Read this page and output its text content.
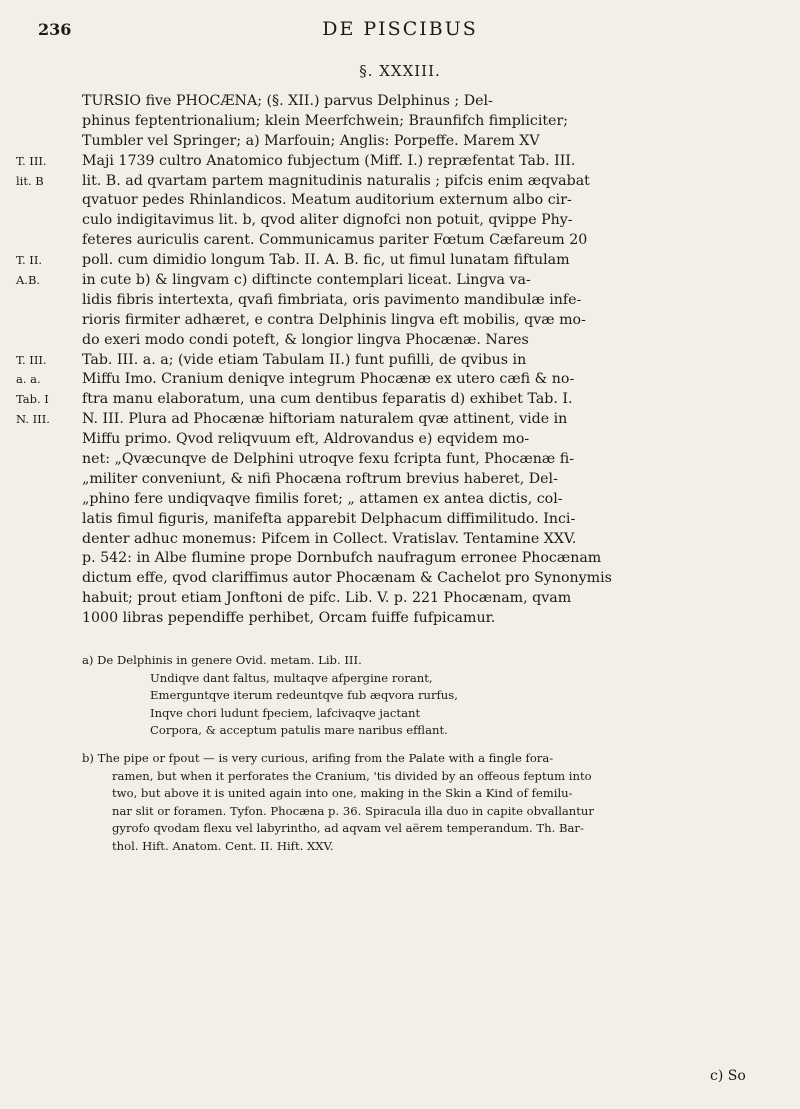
236	DE PISCIBUS
§. XXXIII.
TURSIO five PHOCÆNA; (§. XII.) parvus Delphinus ; Del-
phinus feptentrionalium; klein Meerfchwein; Braunfifch fimpliciter;
Tumbler vel Springer; a) Marfouin; Anglis: Porpeffe. Marem XV
T. III.	Maji 1739 cultro Anatomico fubjectum (Miff. I.) repræfentat Tab. III.
lit. B	lit. B. ad qvartam partem magnitudinis naturalis ; pifcis enim æqvabat
qvatuor pedes Rhinlandicos. Meatum auditorium externum albo cir-
culo indigitavimus lit. b, qvod aliter dignofci non potuit, qvippe Phy-
feteres auriculis carent. Communicamus pariter Fœtum Cæfareum 20
T. II.	poll. cum dimidio longum Tab. II. A. B. fic, ut fimul lunatam fiftulam
A.B.	in cute b) & lingvam c) diftincte contemplari liceat. Lingva va-
lidis fibris intertexta, qvafi fimbriata, oris pavimento mandibulæ infe-
rioris firmiter adhæret, e contra Delphinis lingva eft mobilis, qvæ mo-
do exeri modo condi poteft, & longior lingva Phocænæ. Nares
T. III.	Tab. III. a. a; (vide etiam Tabulam II.) funt pufilli, de qvibus in
a. a.	Miffu Imo. Cranium deniqve integrum Phocænæ ex utero cæfi & no-
Tab. I	ftra manu elaboratum, una cum dentibus feparatis d) exhibet Tab. I.
N. III.	N. III. Plura ad Phocænæ hiftoriam naturalem qvæ attinent, vide in
Miffu primo. Qvod reliqvuum eft, Aldrovandus e) eqvidem mo-
net: „Qvæcunqve de Delphini utroqve fexu fcripta funt, Phocænæ fi-
„militer conveniunt, & nifi Phocæna roftrum brevius haberet, Del-
„phino fere undiqvaqve fimilis foret; „ attamen ex antea dictis, col-
latis fimul figuris, manifefta apparebit Delphacum diffimilitudo. Inci-
denter adhuc monemus: Pifcem in Collect. Vratislav. Tentamine XXV.
p. 542: in Albe flumine prope Dornbufch naufragum erronee Phocænam
dictum effe, qvod clariffimus autor Phocænam & Cachelot pro Synonymis
habuit; prout etiam Jonftoni de pifc. Lib. V. p. 221 Phocænam, qvam
1000 libras pependiffe perhibet, Orcam fuiffe fufpicamur.
a) De Delphinis in genere Ovid. metam. Lib. III.
Undiqve dant faltus, multaqve afpergine rorant,
Emerguntqve iterum redeuntqve fub æqvora rurfus,
Inqve chori ludunt fpeciem, lafcivaqve jactant
Corpora, & acceptum patulis mare naribus efflant.
b) The pipe or fpout — is very curious, arifing from the Palate with a fingle fora-
ramen, but when it perforates the Cranium, 'tis divided by an offeous feptum into
two, but above it is united again into one, making in the Skin a Kind of femilu-
nar slit or foramen. Tyfon. Phocæna p. 36. Spiracula illa duo in capite obvallantur
gyrofo qvodam flexu vel labyrintho, ad aqvam vel aërem temperandum. Th. Bar-
thol. Hift. Anatom. Cent. II. Hift. XXV.
c) So
